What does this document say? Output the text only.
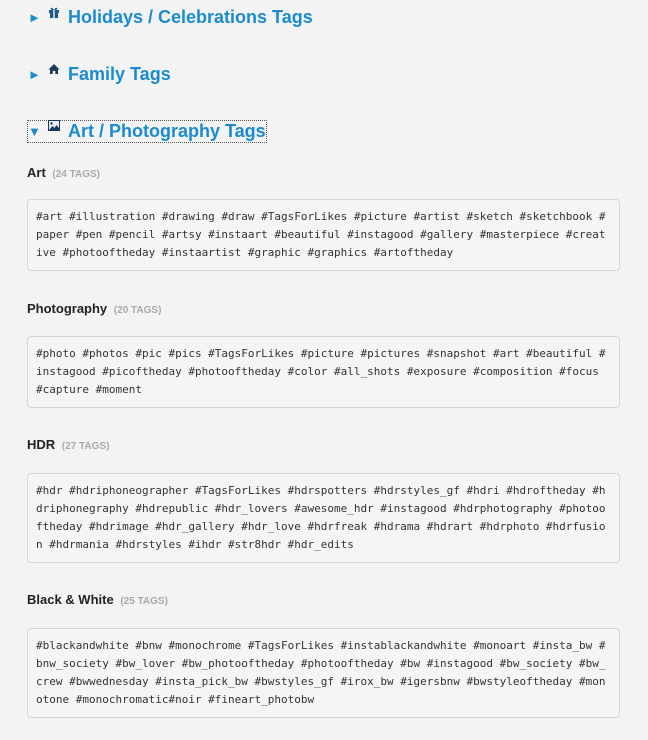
► Holidays / Celebrations Tags
► Family Tags
▼ Art / Photography Tags
Art (24 TAGS)
#art #illustration #drawing #draw #TagsForLikes #picture #artist #sketch #sketchbook #paper #pen #pencil #artsy #instaart #beautiful #instagood #gallery #masterpiece #creative #photooftheday #instaartist #graphic #graphics #artoftheday
Photography (20 TAGS)
#photo #photos #pic #pics #TagsForLikes #picture #pictures #snapshot #art #beautiful #instagood #picoftheday #photooftheday #color #all_shots #exposure #composition #focus #capture #moment
HDR (27 TAGS)
#hdr #hdriphoneographer #TagsForLikes #hdrspotters #hdrstyles_gf #hdri #hdroftheday #hdriphonegraphy #hdrepublic #hdr_lovers #awesome_hdr #instagood #hdrphotography #photooftheday #hdrimage #hdr_gallery #hdr_love #hdrfreak #hdrama #hdrart #hdrphoto #hdrfusion #hdrmania #hdrstyles #ihdr #str8hdr #hdr_edits
Black & White (25 TAGS)
#blackandwhite #bnw #monochrome #TagsForLikes #instablackandwhite #monoart #insta_bw #bnw_society #bw_lover #bw_photooftheday #photooftheday #bw #instagood #bw_society #bw_crew #bwwednesday #insta_pick_bw #bwstyles_gf #irox_bw #igersbnw #bwstyleoftheday #monotone #monochromatic#noir #fineart_photobw
